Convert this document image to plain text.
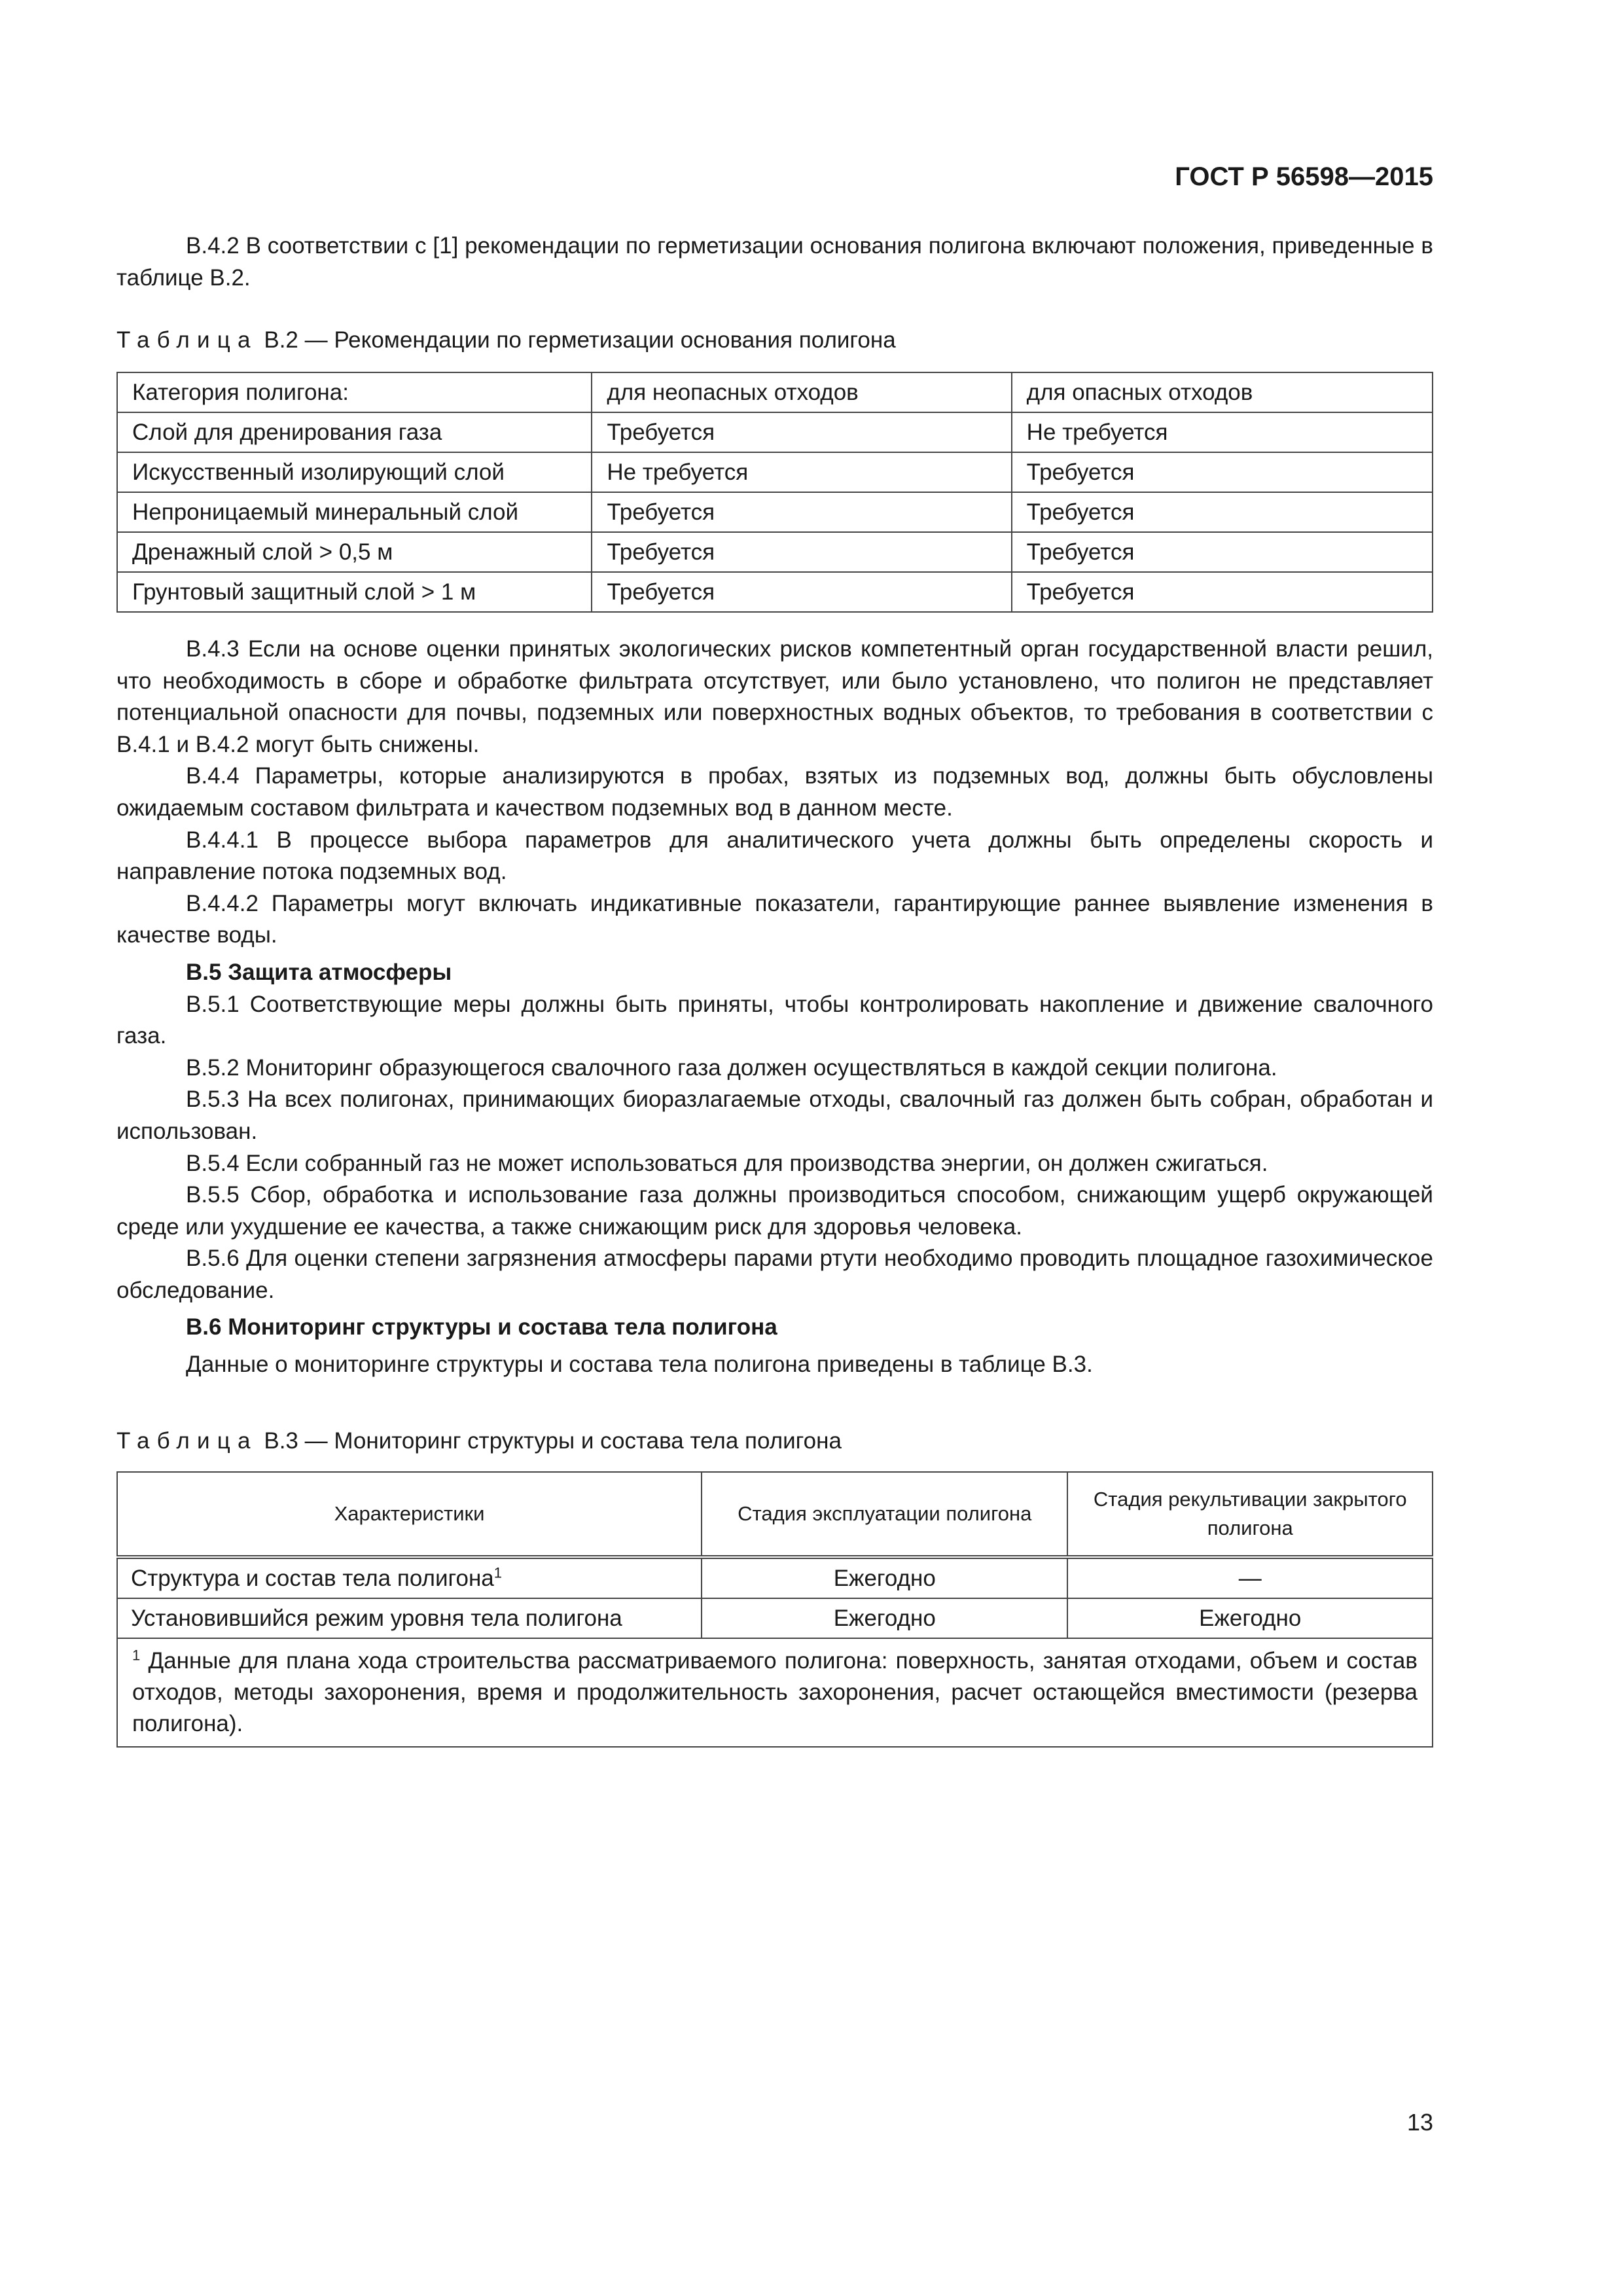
ГОСТ Р 56598—2015

В.4.2 В соответствии с [1] рекомендации по герметизации основания полигона включают положения, приведенные в таблице В.2.

Таблица В.2 — Рекомендации по герметизации основания полигона
Категория полигона:	для неопасных отходов	для опасных отходов
Слой для дренирования газа	Требуется	Не требуется
Искусственный изолирующий слой	Не требуется	Требуется
Непроницаемый минеральный слой	Требуется	Требуется
Дренажный слой > 0,5 м	Требуется	Требуется
Грунтовый защитный слой > 1 м	Требуется	Требуется

В.4.3 Если на основе оценки принятых экологических рисков компетентный орган государственной власти решил, что необходимость в сборе и обработке фильтрата отсутствует, или было установлено, что полигон не представляет потенциальной опасности для почвы, подземных или поверхностных водных объектов, то требования в соответствии с В.4.1 и В.4.2 могут быть снижены.

В.4.4 Параметры, которые анализируются в пробах, взятых из подземных вод, должны быть обусловлены ожидаемым составом фильтрата и качеством подземных вод в данном месте.

В.4.4.1 В процессе выбора параметров для аналитического учета должны быть определены скорость и направление потока подземных вод.

В.4.4.2 Параметры могут включать индикативные показатели, гарантирующие раннее выявление изменения в качестве воды.

В.5 Защита атмосферы

В.5.1 Соответствующие меры должны быть приняты, чтобы контролировать накопление и движение свалочного газа.

В.5.2 Мониторинг образующегося свалочного газа должен осуществляться в каждой секции полигона.

В.5.3 На всех полигонах, принимающих биоразлагаемые отходы, свалочный газ должен быть собран, обработан и использован.

В.5.4 Если собранный газ не может использоваться для производства энергии, он должен сжигаться.

В.5.5 Сбор, обработка и использование газа должны производиться способом, снижающим ущерб окружающей среде или ухудшение ее качества, а также снижающим риск для здоровья человека.

В.5.6 Для оценки степени загрязнения атмосферы парами ртути необходимо проводить площадное газохимическое обследование.

В.6 Мониторинг структуры и состава тела полигона

Данные о мониторинге структуры и состава тела полигона приведены в таблице В.3.

Таблица В.3 — Мониторинг структуры и состава тела полигона
Характеристики	Стадия эксплуатации полигона	Стадия рекультивации закрытого полигона
Структура и состав тела полигона$^1$	Ежегодно	—
Установившийся режим уровня тела полигона	Ежегодно	Ежегодно
$^1$ Данные для плана хода строительства рассматриваемого полигона: поверхность, занятая отходами, объем и состав отходов, методы захоронения, время и продолжительность захоронения, расчет остающейся вместимости (резерва полигона).		
13
